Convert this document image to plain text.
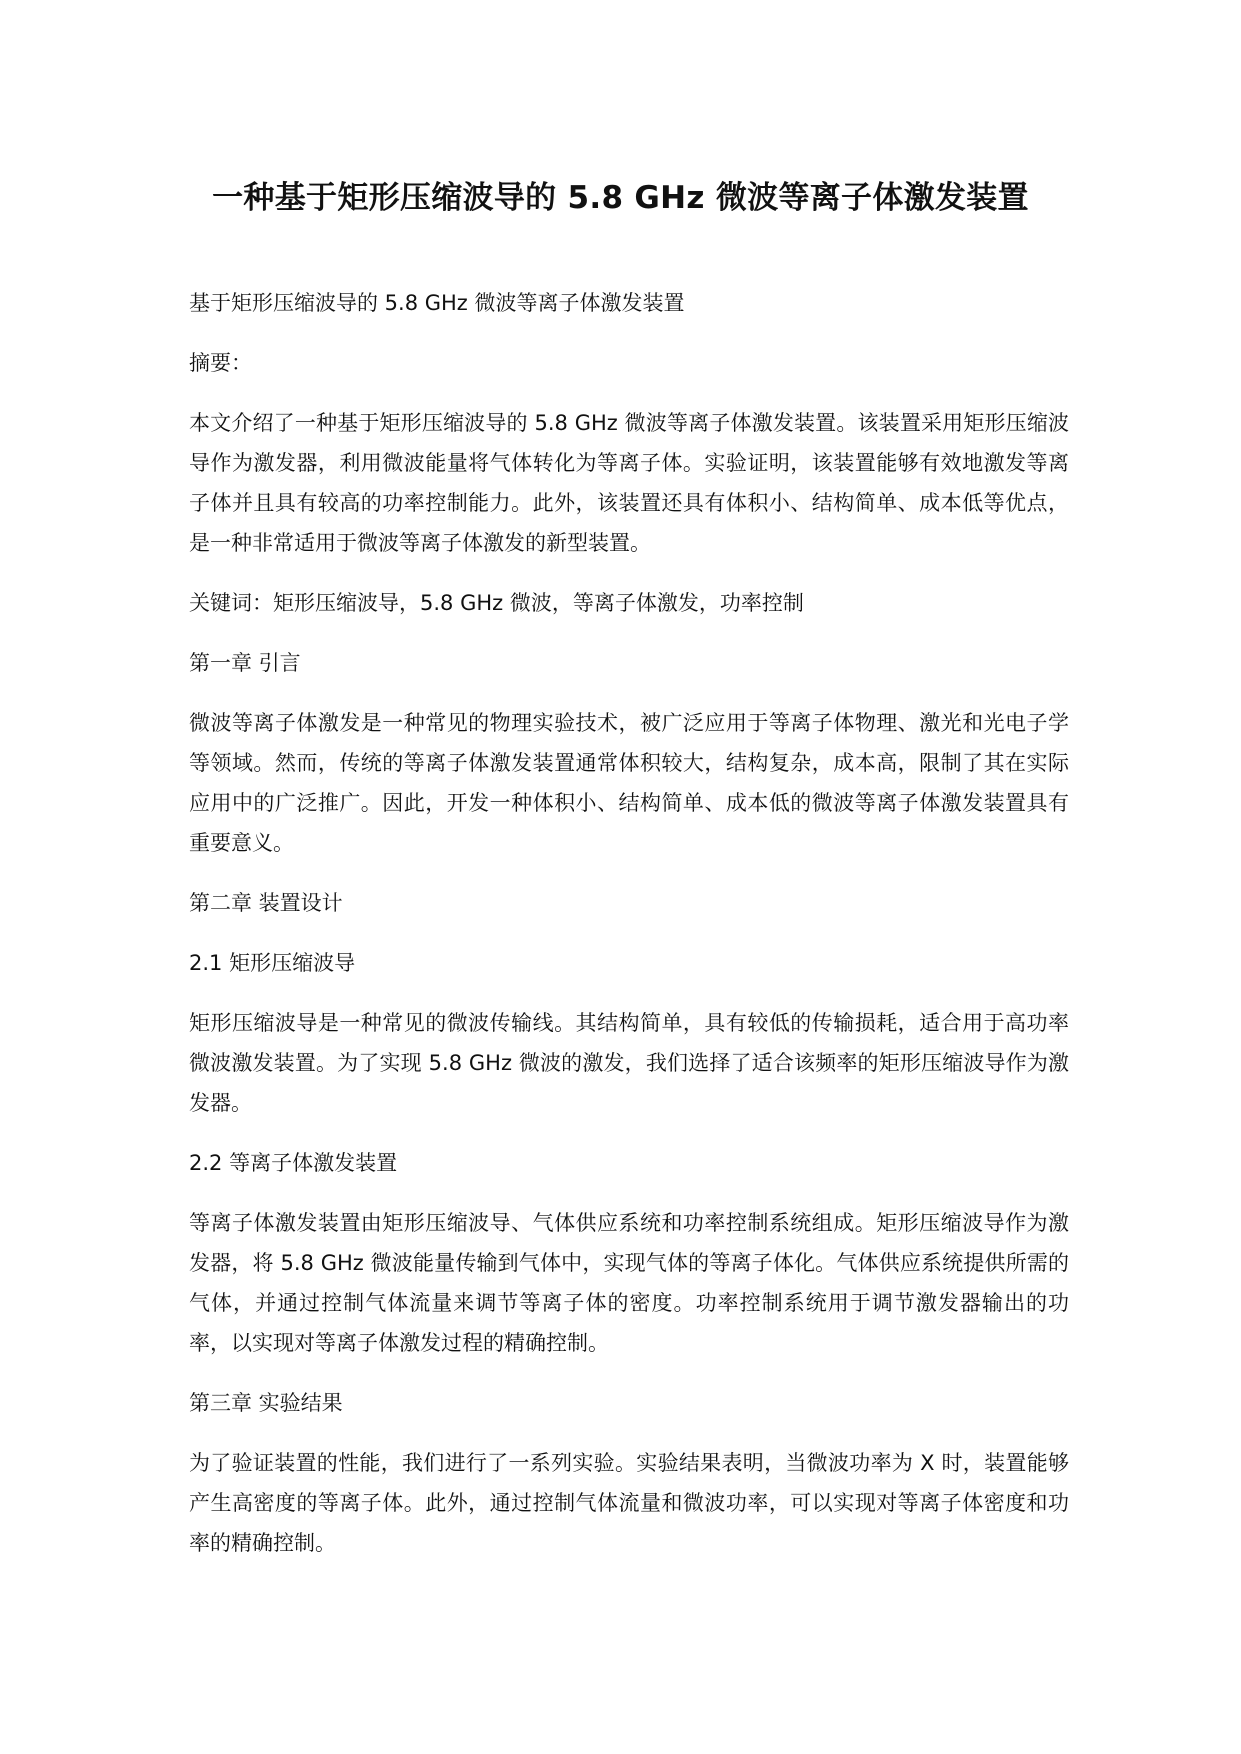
一种基于矩形压缩波导的 5.8 GHz 微波等离子体激发装置

基于矩形压缩波导的 5.8 GHz 微波等离子体激发装置

摘要：

本文介绍了一种基于矩形压缩波导的 5.8 GHz 微波等离子体激发装置。该装置采用矩形压缩波导作为激发器，利用微波能量将气体转化为等离子体。实验证明，该装置能够有效地激发等离子体并且具有较高的功率控制能力。此外，该装置还具有体积小、结构简单、成本低等优点，是一种非常适用于微波等离子体激发的新型装置。

关键词：矩形压缩波导，5.8 GHz 微波，等离子体激发，功率控制

第一章 引言

微波等离子体激发是一种常见的物理实验技术，被广泛应用于等离子体物理、激光和光电子学等领域。然而，传统的等离子体激发装置通常体积较大，结构复杂，成本高，限制了其在实际应用中的广泛推广。因此，开发一种体积小、结构简单、成本低的微波等离子体激发装置具有重要意义。

第二章 装置设计

2.1 矩形压缩波导

矩形压缩波导是一种常见的微波传输线。其结构简单，具有较低的传输损耗，适合用于高功率微波激发装置。为了实现 5.8 GHz 微波的激发，我们选择了适合该频率的矩形压缩波导作为激发器。

2.2 等离子体激发装置

等离子体激发装置由矩形压缩波导、气体供应系统和功率控制系统组成。矩形压缩波导作为激发器，将 5.8 GHz 微波能量传输到气体中，实现气体的等离子体化。气体供应系统提供所需的气体，并通过控制气体流量来调节等离子体的密度。功率控制系统用于调节激发器输出的功率，以实现对等离子体激发过程的精确控制。

第三章 实验结果

为了验证装置的性能，我们进行了一系列实验。实验结果表明，当微波功率为 X 时，装置能够产生高密度的等离子体。此外，通过控制气体流量和微波功率，可以实现对等离子体密度和功率的精确控制。
